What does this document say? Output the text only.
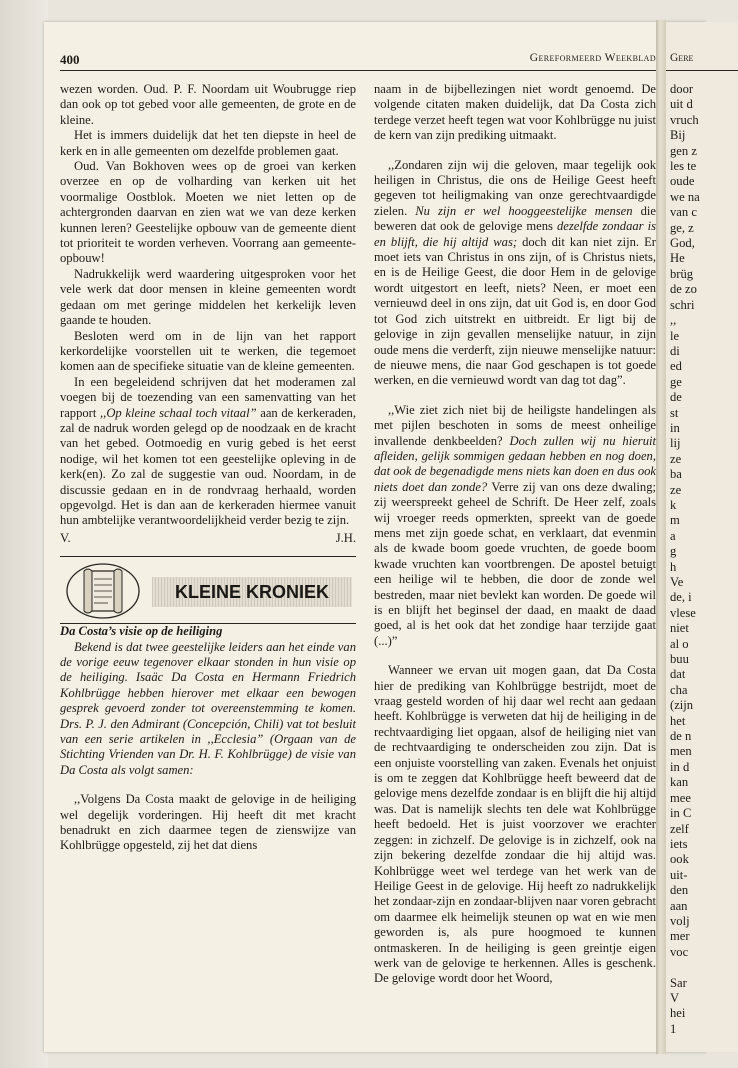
Gere
door
uit d
vruch
Bij
gen z
les te
oude
we na
van c
ge, z
God,
He
brüg
de zo
schri
,,
le
di
ed
ge
de
st
in
lij
ze
ba
ze
k
m
a
g
h
Ve
de, i
vlese
niet
al o
buu
dat
cha
(zijn
het
de n
men
in d
kan
mee
in C
zelf
iets
ook
uit-
den
aan
volj
mer
voc

Sar
V
hei
1
400	Gereformeerd Weekblad

wezen worden. Oud. P. F. Noordam uit Woubrugge riep dan ook op tot gebed voor alle gemeenten, de grote en de kleine.

Het is immers duidelijk dat het ten diepste in heel de kerk en in alle gemeenten om dezelfde problemen gaat.

Oud. Van Bokhoven wees op de groei van kerken overzee en op de volharding van kerken uit het voormalige Oostblok. Moeten we niet letten op de achtergronden daarvan en zien wat we van deze kerken kunnen leren? Geestelijke opbouw van de gemeente dient tot prioriteit te worden verheven. Voorrang aan gemeente-opbouw!

Nadrukkelijk werd waardering uitgesproken voor het vele werk dat door mensen in kleine gemeenten wordt gedaan om met geringe middelen het kerkelijk leven gaande te houden.

Besloten werd om in de lijn van het rapport kerkordelijke voorstellen uit te werken, die tegemoet komen aan de specifieke situatie van de kleine gemeenten.

In een begeleidend schrijven dat het moderamen zal voegen bij de toezending van een samenvatting van het rapport ,,Op kleine schaal toch vitaal” aan de kerkeraden, zal de nadruk worden gelegd op de noodzaak en de kracht van het gebed. Ootmoedig en vurig gebed is het eerst nodige, wil het komen tot een geestelijke opleving in de kerk(en). Zo zal de suggestie van oud. Noordam, in de discussie gedaan en in de rondvraag herhaald, worden opgevolgd. Het is dan aan de kerkeraden hiermee vanuit hun ambtelijke verantwoordelijkheid verder bezig te zijn.

V.	J.H.
KLEINE KRONIEK

Da Costa’s visie op de heiliging

Bekend is dat twee geestelijke leiders aan het einde van de vorige eeuw tegenover elkaar stonden in hun visie op de heiliging. Isaäc Da Costa en Hermann Friedrich Kohlbrügge hebben hierover met elkaar een bewogen gesprek gevoerd zonder tot overeenstemming te komen. Drs. P. J. den Admirant (Concepción, Chili) vat tot besluit van een serie artikelen in ,,Ecclesia” (Orgaan van de Stichting Vrienden van Dr. H. F. Kohlbrügge) de visie van Da Costa als volgt samen:

,,Volgens Da Costa maakt de gelovige in de heiliging wel degelijk vorderingen. Hij heeft dit met kracht benadrukt en zich daarmee tegen de zienswijze van Kohlbrügge opgesteld, zij het dat diens

naam in de bijbellezingen niet wordt genoemd. De volgende citaten maken duidelijk, dat Da Costa zich terdege verzet heeft tegen wat voor Kohlbrügge nu juist de kern van zijn prediking uitmaakt.

,,Zondaren zijn wij die geloven, maar tegelijk ook heiligen in Christus, die ons de Heilige Geest heeft gegeven tot heiligmaking van onze gerechtvaardigde zielen. Nu zijn er wel hooggeestelijke mensen die beweren dat ook de gelovige mens dezelfde zondaar is en blijft, die hij altijd was; doch dit kan niet zijn. Er moet iets van Christus in ons zijn, of is Christus niets, en is de Heilige Geest, die door Hem in de gelovige wordt uitgestort en leeft, niets? Neen, er moet een vernieuwd deel in ons zijn, dat uit God is, en door God tot God zich uitstrekt en uitbreidt. Er ligt bij de gelovige in zijn gevallen menselijke natuur, in zijn oude mens die verderft, zijn nieuwe menselijke natuur: de nieuwe mens, die naar God geschapen is tot goede werken, en die vernieuwd wordt van dag tot dag”.

,,Wie ziet zich niet bij de heiligste handelingen als met pijlen beschoten in soms de meest onheilige invallende denkbeelden? Doch zullen wij nu hieruit afleiden, gelijk sommigen gedaan hebben en nog doen, dat ook de begenadigde mens niets kan doen en dus ook niets doet dan zonde? Verre zij van ons deze dwaling; zij weerspreekt geheel de Schrift. De Heer zelf, zoals wij vroeger reeds opmerkten, spreekt van de goede mens met zijn goede schat, en verklaart, dat evenmin als de kwade boom goede vruchten, de goede boom kwade vruchten kan voortbrengen. De apostel betuigt een heilige wil te hebben, die door de zonde wel bestreden, maar niet bevlekt kan worden. De goede wil is en blijft het beginsel der daad, en maakt de daad goed, al is het ook dat het zondige haar terzijde gaat (...)”

Wanneer we ervan uit mogen gaan, dat Da Costa hier de prediking van Kohlbrügge bestrijdt, moet de vraag gesteld worden of hij daar wel recht aan gedaan heeft. Kohlbrügge is verweten dat hij de heiliging in de rechtvaardiging liet opgaan, alsof de heiliging niet van de rechtvaardiging te onderscheiden zou zijn. Dat is een onjuiste voorstelling van zaken. Evenals het onjuist is om te zeggen dat Kohlbrügge heeft beweerd dat de gelovige mens dezelfde zondaar is en blijft die hij altijd was. Dat is namelijk slechts ten dele wat Kohlbrügge heeft bedoeld. Het is juist voorzover we erachter zeggen: in zichzelf. De gelovige is in zichzelf, ook na zijn bekering dezelfde zondaar die hij altijd was. Kohlbrügge weet wel terdege van het werk van de Heilige Geest in de gelovige. Hij heeft zo nadrukkelijk het zondaar-zijn en zondaar-blijven naar voren gebracht om daarmee elk heimelijk steunen op wat en wie men geworden is, als pure hoogmoed te kunnen ontmaskeren. In de heiliging is geen greintje eigen werk van de gelovige te herkennen. Alles is geschenk. De gelovige wordt door het Woord,
